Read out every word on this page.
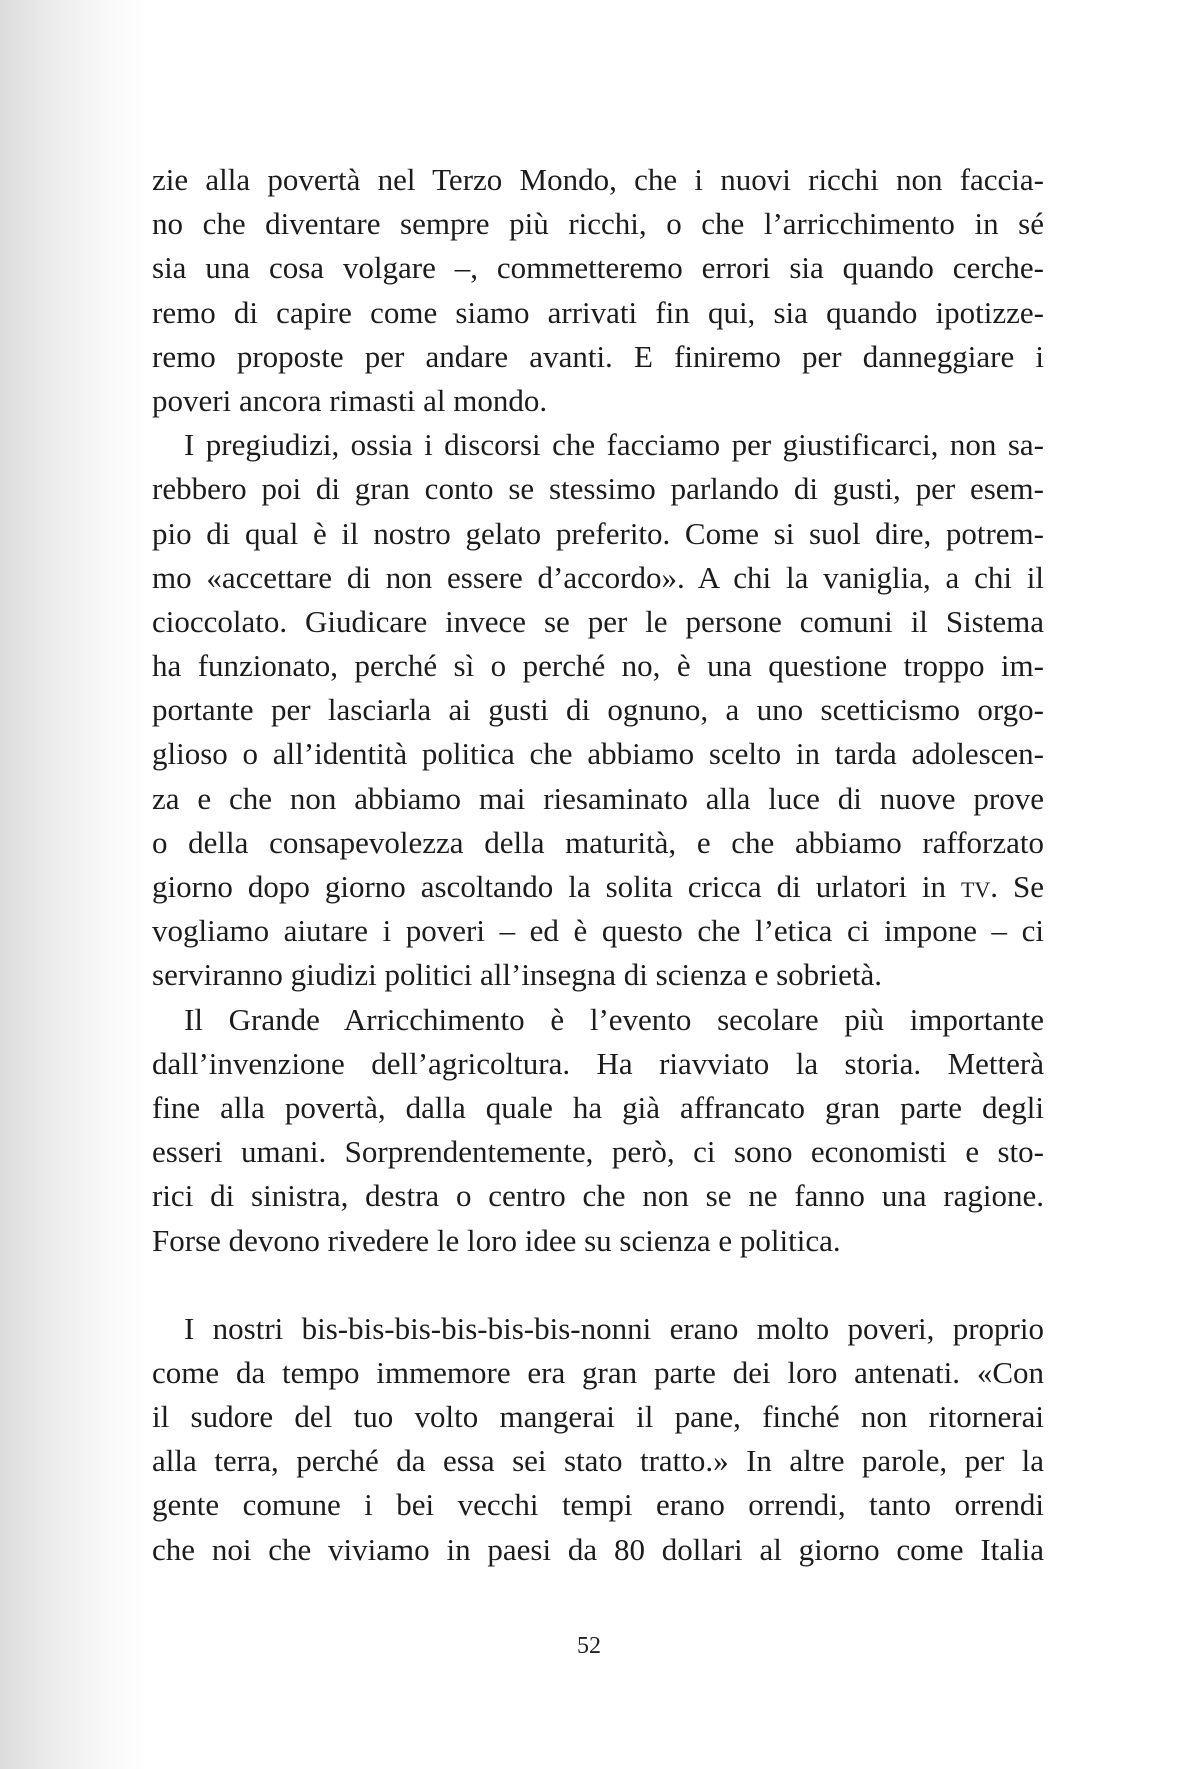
zie alla povertà nel Terzo Mondo, che i nuovi ricchi non faccia-
no che diventare sempre più ricchi, o che l’arricchimento in sé
sia una cosa volgare –, commetteremo errori sia quando cerche-
remo di capire come siamo arrivati fin qui, sia quando ipotizze-
remo proposte per andare avanti. E finiremo per danneggiare i
poveri ancora rimasti al mondo.
I pregiudizi, ossia i discorsi che facciamo per giustificarci, non sa-
rebbero poi di gran conto se stessimo parlando di gusti, per esem-
pio di qual è il nostro gelato preferito. Come si suol dire, potrem-
mo «accettare di non essere d’accordo». A chi la vaniglia, a chi il
cioccolato. Giudicare invece se per le persone comuni il Sistema
ha funzionato, perché sì o perché no, è una questione troppo im-
portante per lasciarla ai gusti di ognuno, a uno scetticismo orgo-
glioso o all’identità politica che abbiamo scelto in tarda adolescen-
za e che non abbiamo mai riesaminato alla luce di nuove prove
o della consapevolezza della maturità, e che abbiamo rafforzato
giorno dopo giorno ascoltando la solita cricca di urlatori in tv. Se
vogliamo aiutare i poveri – ed è questo che l’etica ci impone – ci
serviranno giudizi politici all’insegna di scienza e sobrietà.
Il Grande Arricchimento è l’evento secolare più importante
dall’invenzione dell’agricoltura. Ha riavviato la storia. Metterà
fine alla povertà, dalla quale ha già affrancato gran parte degli
esseri umani. Sorprendentemente, però, ci sono economisti e sto-
rici di sinistra, destra o centro che non se ne fanno una ragione.
Forse devono rivedere le loro idee su scienza e politica.
I nostri bis-bis-bis-bis-bis-bis-nonni erano molto poveri, proprio
come da tempo immemore era gran parte dei loro antenati. «Con
il sudore del tuo volto mangerai il pane, finché non ritornerai
alla terra, perché da essa sei stato tratto.» In altre parole, per la
gente comune i bei vecchi tempi erano orrendi, tanto orrendi
che noi che viviamo in paesi da 80 dollari al giorno come Italia
52
